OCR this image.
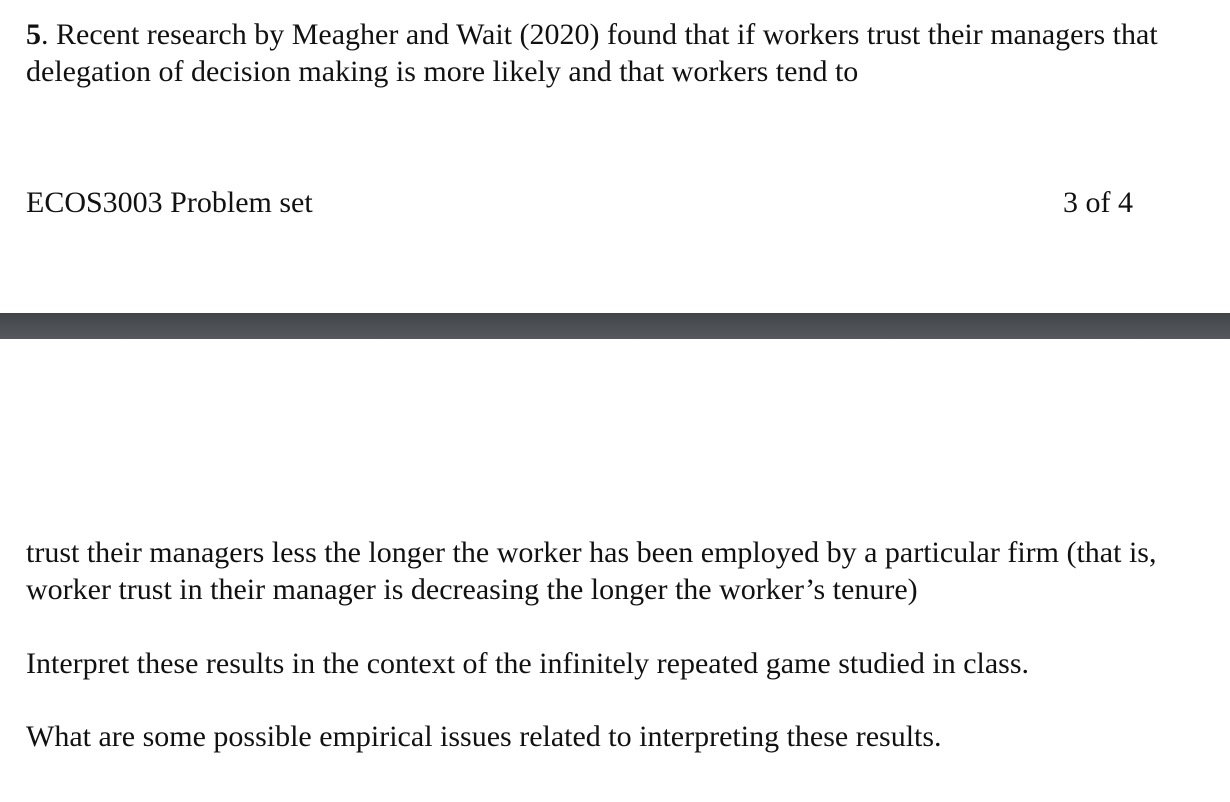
5. Recent research by Meagher and Wait (2020) found that if workers trust their managers that delegation of decision making is more likely and that workers tend to

ECOS3003 Problem set	3 of 4

trust their managers less the longer the worker has been employed by a particular firm (that is, worker trust in their manager is decreasing the longer the worker’s tenure)

Interpret these results in the context of the infinitely repeated game studied in class.

What are some possible empirical issues related to interpreting these results.
